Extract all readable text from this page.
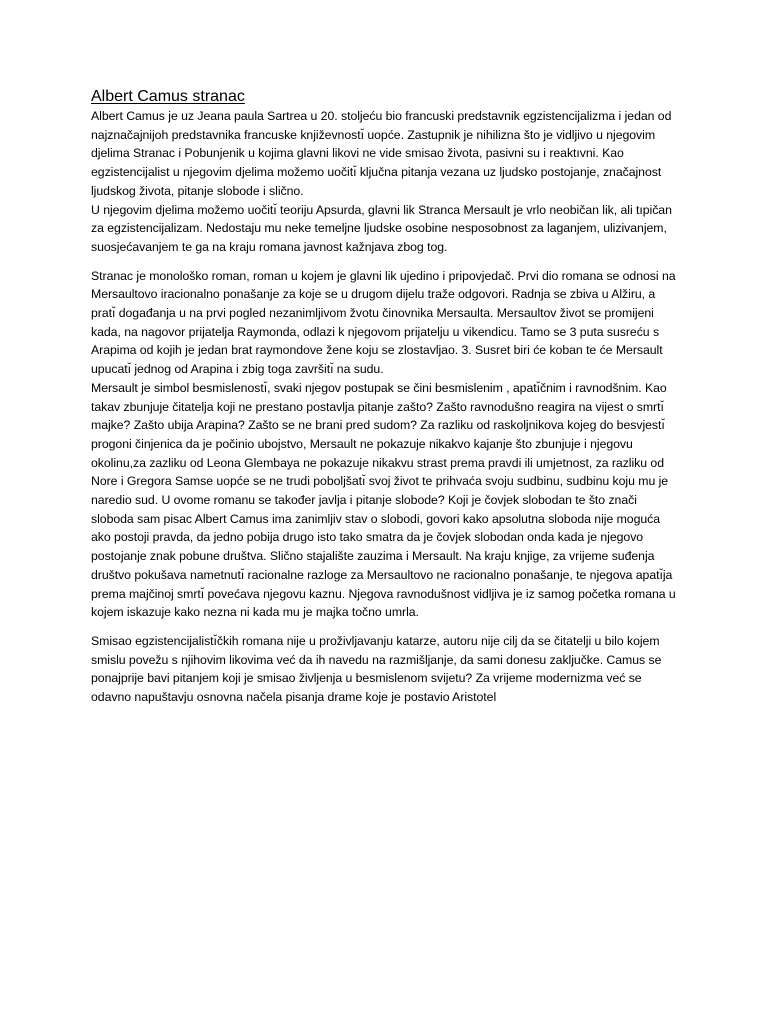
Albert Camus stranac

Albert Camus je uz Jeana paula Sartrea u 20. stoljeću bio francuski predstavnik egzistencijalizma i jedan od najznačajnijoh predstavnika francuske književnostı̆ uopće. Zastupnik je nihilizna što je vidljivo u njegovim djelima Stranac i Pobunjenik u kojima glavni likovi ne vide smisao života, pasivni su i reaktıvni. Kao egzistencijalist u njegovim djelima možemo uočitı̆ ključna pitanja vezana uz ljudsko postojanje, značajnost ljudskog života, pitanje slobode i slično.

U njegovim djelima možemo uočitı̆ teoriju Apsurda, glavni lik Stranca Mersault je vrlo neobičan lik, ali tıpičan za egzistencijalizam. Nedostaju mu neke temeljne ljudske osobine nesposobnost za laganjem, ulizivanjem, suosjećavanjem te ga na kraju romana javnost kažnjava zbog tog.

Stranac je monološko roman, roman u kojem je glavni lik ujedino i pripovjedač. Prvi dio romana se odnosi na Mersaultovo iracionalno ponašanje za koje se u drugom dijelu traže odgovori. Radnja se zbiva u Alžiru, a pratı̆ događanja u na prvi pogled nezanimljivom žvotu činovnika Mersaulta. Mersaultov život se promijeni kada, na nagovor prijatelja Raymonda, odlazi k njegovom prijatelju u vikendicu. Tamo se 3 puta susreću s Arapima od kojih je jedan brat raymondove žene koju se zlostavljao. 3. Susret biri će koban te će Mersault upucatı̆ jednog od Arapina i zbig toga završitı̆ na sudu.

Mersault je simbol besmislenostı̆, svaki njegov postupak se čini besmislenim , apatı̆čnim i ravnodšnim. Kao takav zbunjuje čitatelja koji ne prestano postavlja pitanje zašto? Zašto ravnodušno reagira na vijest o smrtı̆ majke? Zašto ubija Arapina? Zašto se ne brani pred sudom? Za razliku od raskoljnikova kojeg do besvjestı̆ progoni činjenica da je počinio ubojstvo, Mersault ne pokazuje nikakvo kajanje što zbunjuje i njegovu okolinu,za zazliku od Leona Glembaya ne pokazuje nikakvu strast prema pravdi ili umjetnost, za razliku od Nore i Gregora Samse uopće se ne trudi poboljšatı̆ svoj život te prihvaća svoju sudbinu, sudbinu koju mu je naredio sud. U ovome romanu se također javlja i pitanje slobode? Koji je čovjek slobodan te što znači sloboda sam pisac Albert Camus ima zanimljiv stav o slobodi, govori kako apsolutna sloboda nije moguća ako postoji pravda, da jedno pobija drugo isto tako smatra da je čovjek slobodan onda kada je njegovo postojanje znak pobune društva. Slično stajalište zauzima i Mersault. Na kraju knjige, za vrijeme suđenja društvo pokušava nametnutı̆ racionalne razloge za Mersaultovo ne racionalno ponašanje, te njegova apatı̆ja prema majčinoj smrtı̆ povećava njegovu kaznu. Njegova ravnodušnost vidljiva je iz samog početka romana u kojem iskazuje kako nezna ni kada mu je majka točno umrla.

Smisao egzistencijalistı̆čkih romana nije u proživljavanju katarze, autoru nije cilj da se čitatelji u bilo kojem smislu povežu s njihovim likovima već da ih navedu na razmišljanje, da sami donesu zaključke. Camus se ponajprije bavi pitanjem koji je smisao življenja u besmislenom svijetu? Za vrijeme modernizma već se odavno napuštavju osnovna načela pisanja drame koje je postavio Aristotel
